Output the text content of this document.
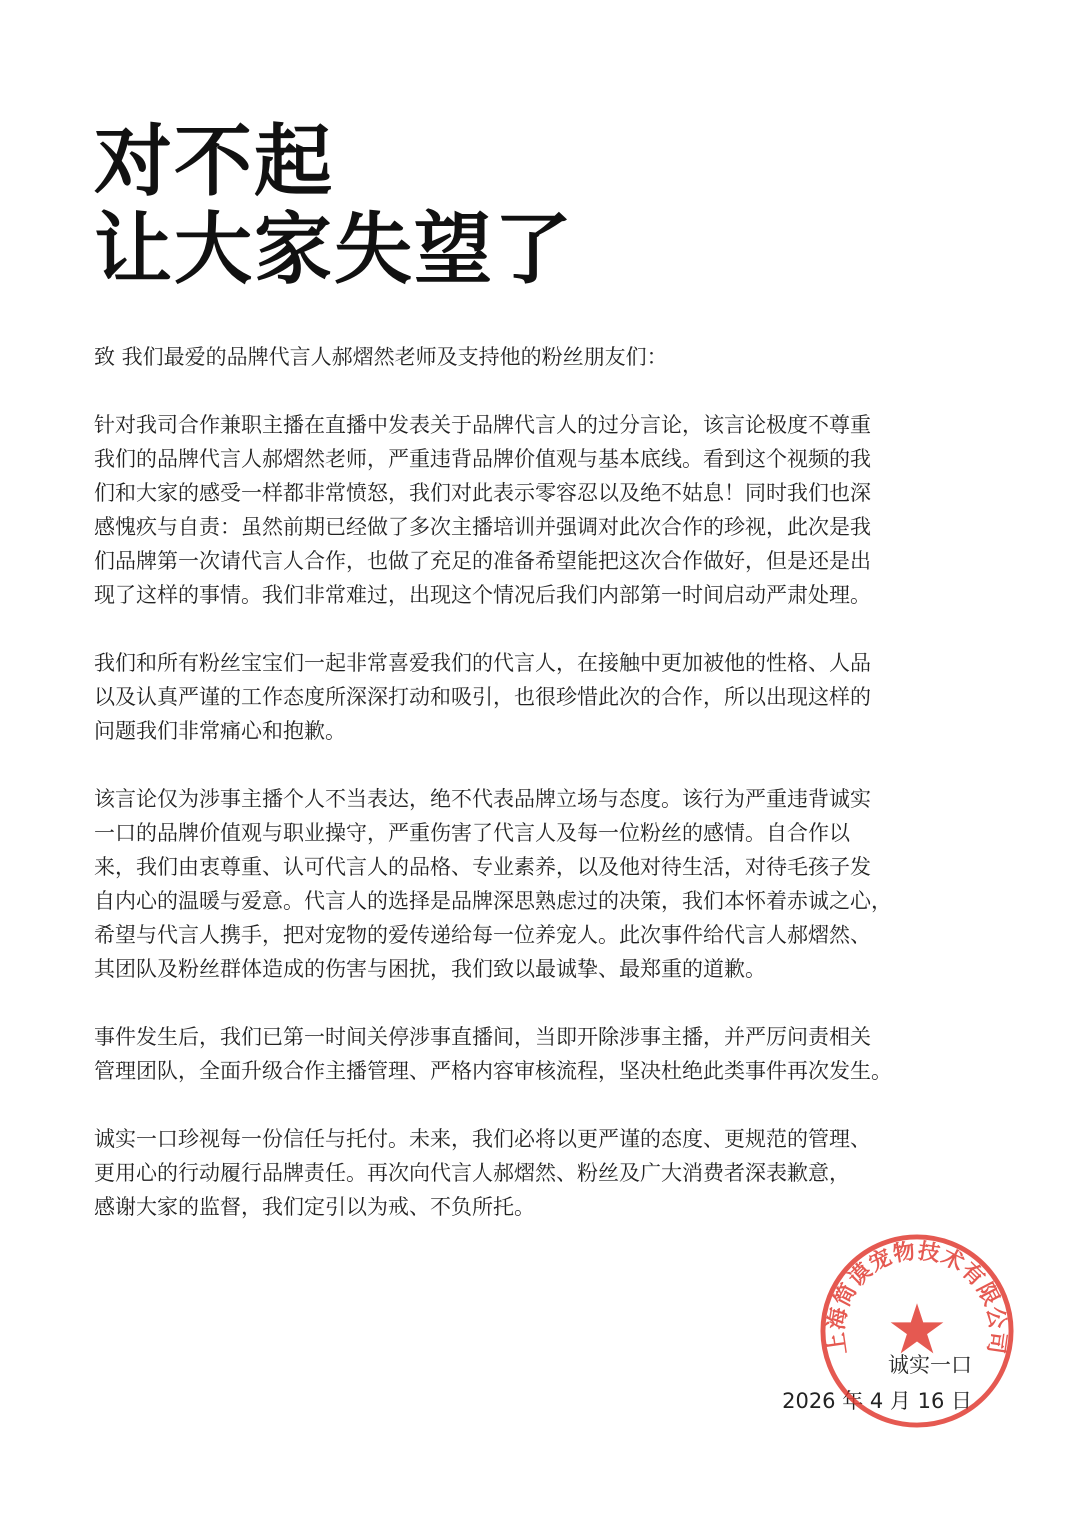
对不起
让大家失望了

致 我们最爱的品牌代言人郝熠然老师及支持他的粉丝朋友们：

针对我司合作兼职主播在直播中发表关于品牌代言人的过分言论，该言论极度不尊重

我们的品牌代言人郝熠然老师，严重违背品牌价值观与基本底线。看到这个视频的我

们和大家的感受一样都非常愤怒，我们对此表示零容忍以及绝不姑息！同时我们也深

感愧疚与自责：虽然前期已经做了多次主播培训并强调对此次合作的珍视，此次是我

们品牌第一次请代言人合作，也做了充足的准备希望能把这次合作做好，但是还是出

现了这样的事情。我们非常难过，出现这个情况后我们内部第一时间启动严肃处理。

我们和所有粉丝宝宝们一起非常喜爱我们的代言人，在接触中更加被他的性格、人品

以及认真严谨的工作态度所深深打动和吸引，也很珍惜此次的合作，所以出现这样的

问题我们非常痛心和抱歉。

该言论仅为涉事主播个人不当表达，绝不代表品牌立场与态度。该行为严重违背诚实

一口的品牌价值观与职业操守，严重伤害了代言人及每一位粉丝的感情。自合作以

来，我们由衷尊重、认可代言人的品格、专业素养，以及他对待生活，对待毛孩子发

自内心的温暖与爱意。代言人的选择是品牌深思熟虑过的决策，我们本怀着赤诚之心，

希望与代言人携手，把对宠物的爱传递给每一位养宠人。此次事件给代言人郝熠然、

其团队及粉丝群体造成的伤害与困扰，我们致以最诚挚、最郑重的道歉。

事件发生后，我们已第一时间关停涉事直播间，当即开除涉事主播，并严厉问责相关

管理团队，全面升级合作主播管理、严格内容审核流程，坚决杜绝此类事件再次发生。

诚实一口珍视每一份信任与托付。未来，我们必将以更严谨的态度、更规范的管理、

更用心的行动履行品牌责任。再次向代言人郝熠然、粉丝及广大消费者深表歉意，

感谢大家的监督，我们定引以为戒、不负所托。

诚实一口
2026 年 4 月 16 日
上海简谟宠物技术有限公司
